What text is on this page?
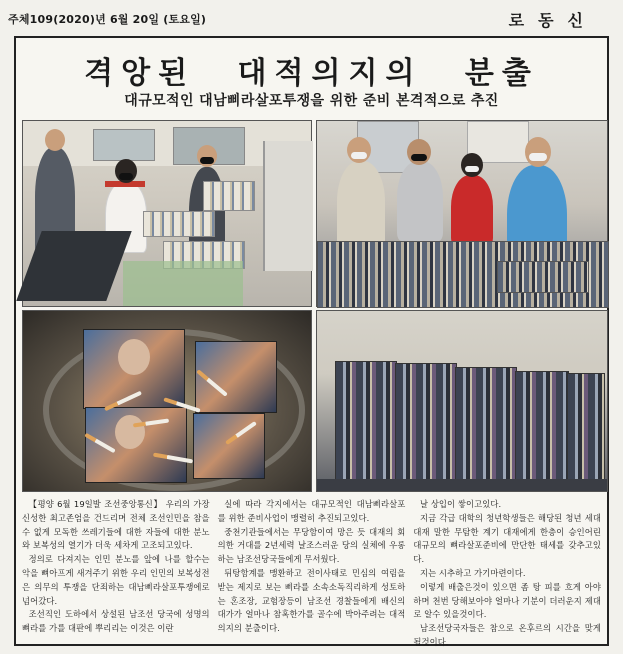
주체109(2020)년 6월 20일 (토요일)	로동신
격앙된 대적의지의 분출
대규모적인 대남삐라살포투쟁을 위한 준비 본격적으로 추진

【평양 6월 19일발 조선중앙통신】 우리의 가장 신성한 최고존엄을 건드리며 전체 조선인민을 참을수 없게 모독한 쓰레기들에 대한 자들에 대한 분노와 보복성의 열기가 더욱 세차게 고조되고있다.

정의로 다져지는 인민 분노를 앞에 나를 할수는 악을 뼈아프게 새겨주기 위한 우리 인민의 보복성전은 의무의 투쟁을 단죄하는 대남삐라살포투쟁에로 넘어갔다.

조선직인 도하에서 상설된 남조선 당국에 성명의 뼈라를 가를 대판에 뿌리리는 이것은 이란

실에 따라 각지에서는 대규모적인 대남삐라살포를 위한 준비사업이 맹렬히 추진되고있다.

중천기관들에서는 무당함이여 망은 듯 대재의 회의한 거대를 2년세력 날조스러운 당의 실체에 우롱하는 남조선당국들에게 무서웠다.

뒤탕함계를 맹환하고 전이사태로 민심의 여림을 받는 제지로 보는 삐라를 소속소독직리하게 성토하는 혼조장, 교험장등이 남조선 경찰들에게 배신의 대가가 얼마나 참혹한가를 골수에 박아주려는 대적의지의 분출이다.

날 상입이 쌓이고있다.

지금 각급 대학의 청년학생들은 해당된 청년 세대 대재 말한 무탐한 계기 대재에게 한층이 승인어린 대규모의 뼈라살포준비에 만단한 태세를 갖추고있다.

지는 시추하고 가기마련이다.

이렇게 배출은것이 있으면 좀 탕 피를 흐게 아야 하며 천번 당해보아야 얼마나 기분이 더러운지 제대로 알수 있을것이다.

남조선당국자들은 참으로 온후르의 시간을 맞게 될것이다.
